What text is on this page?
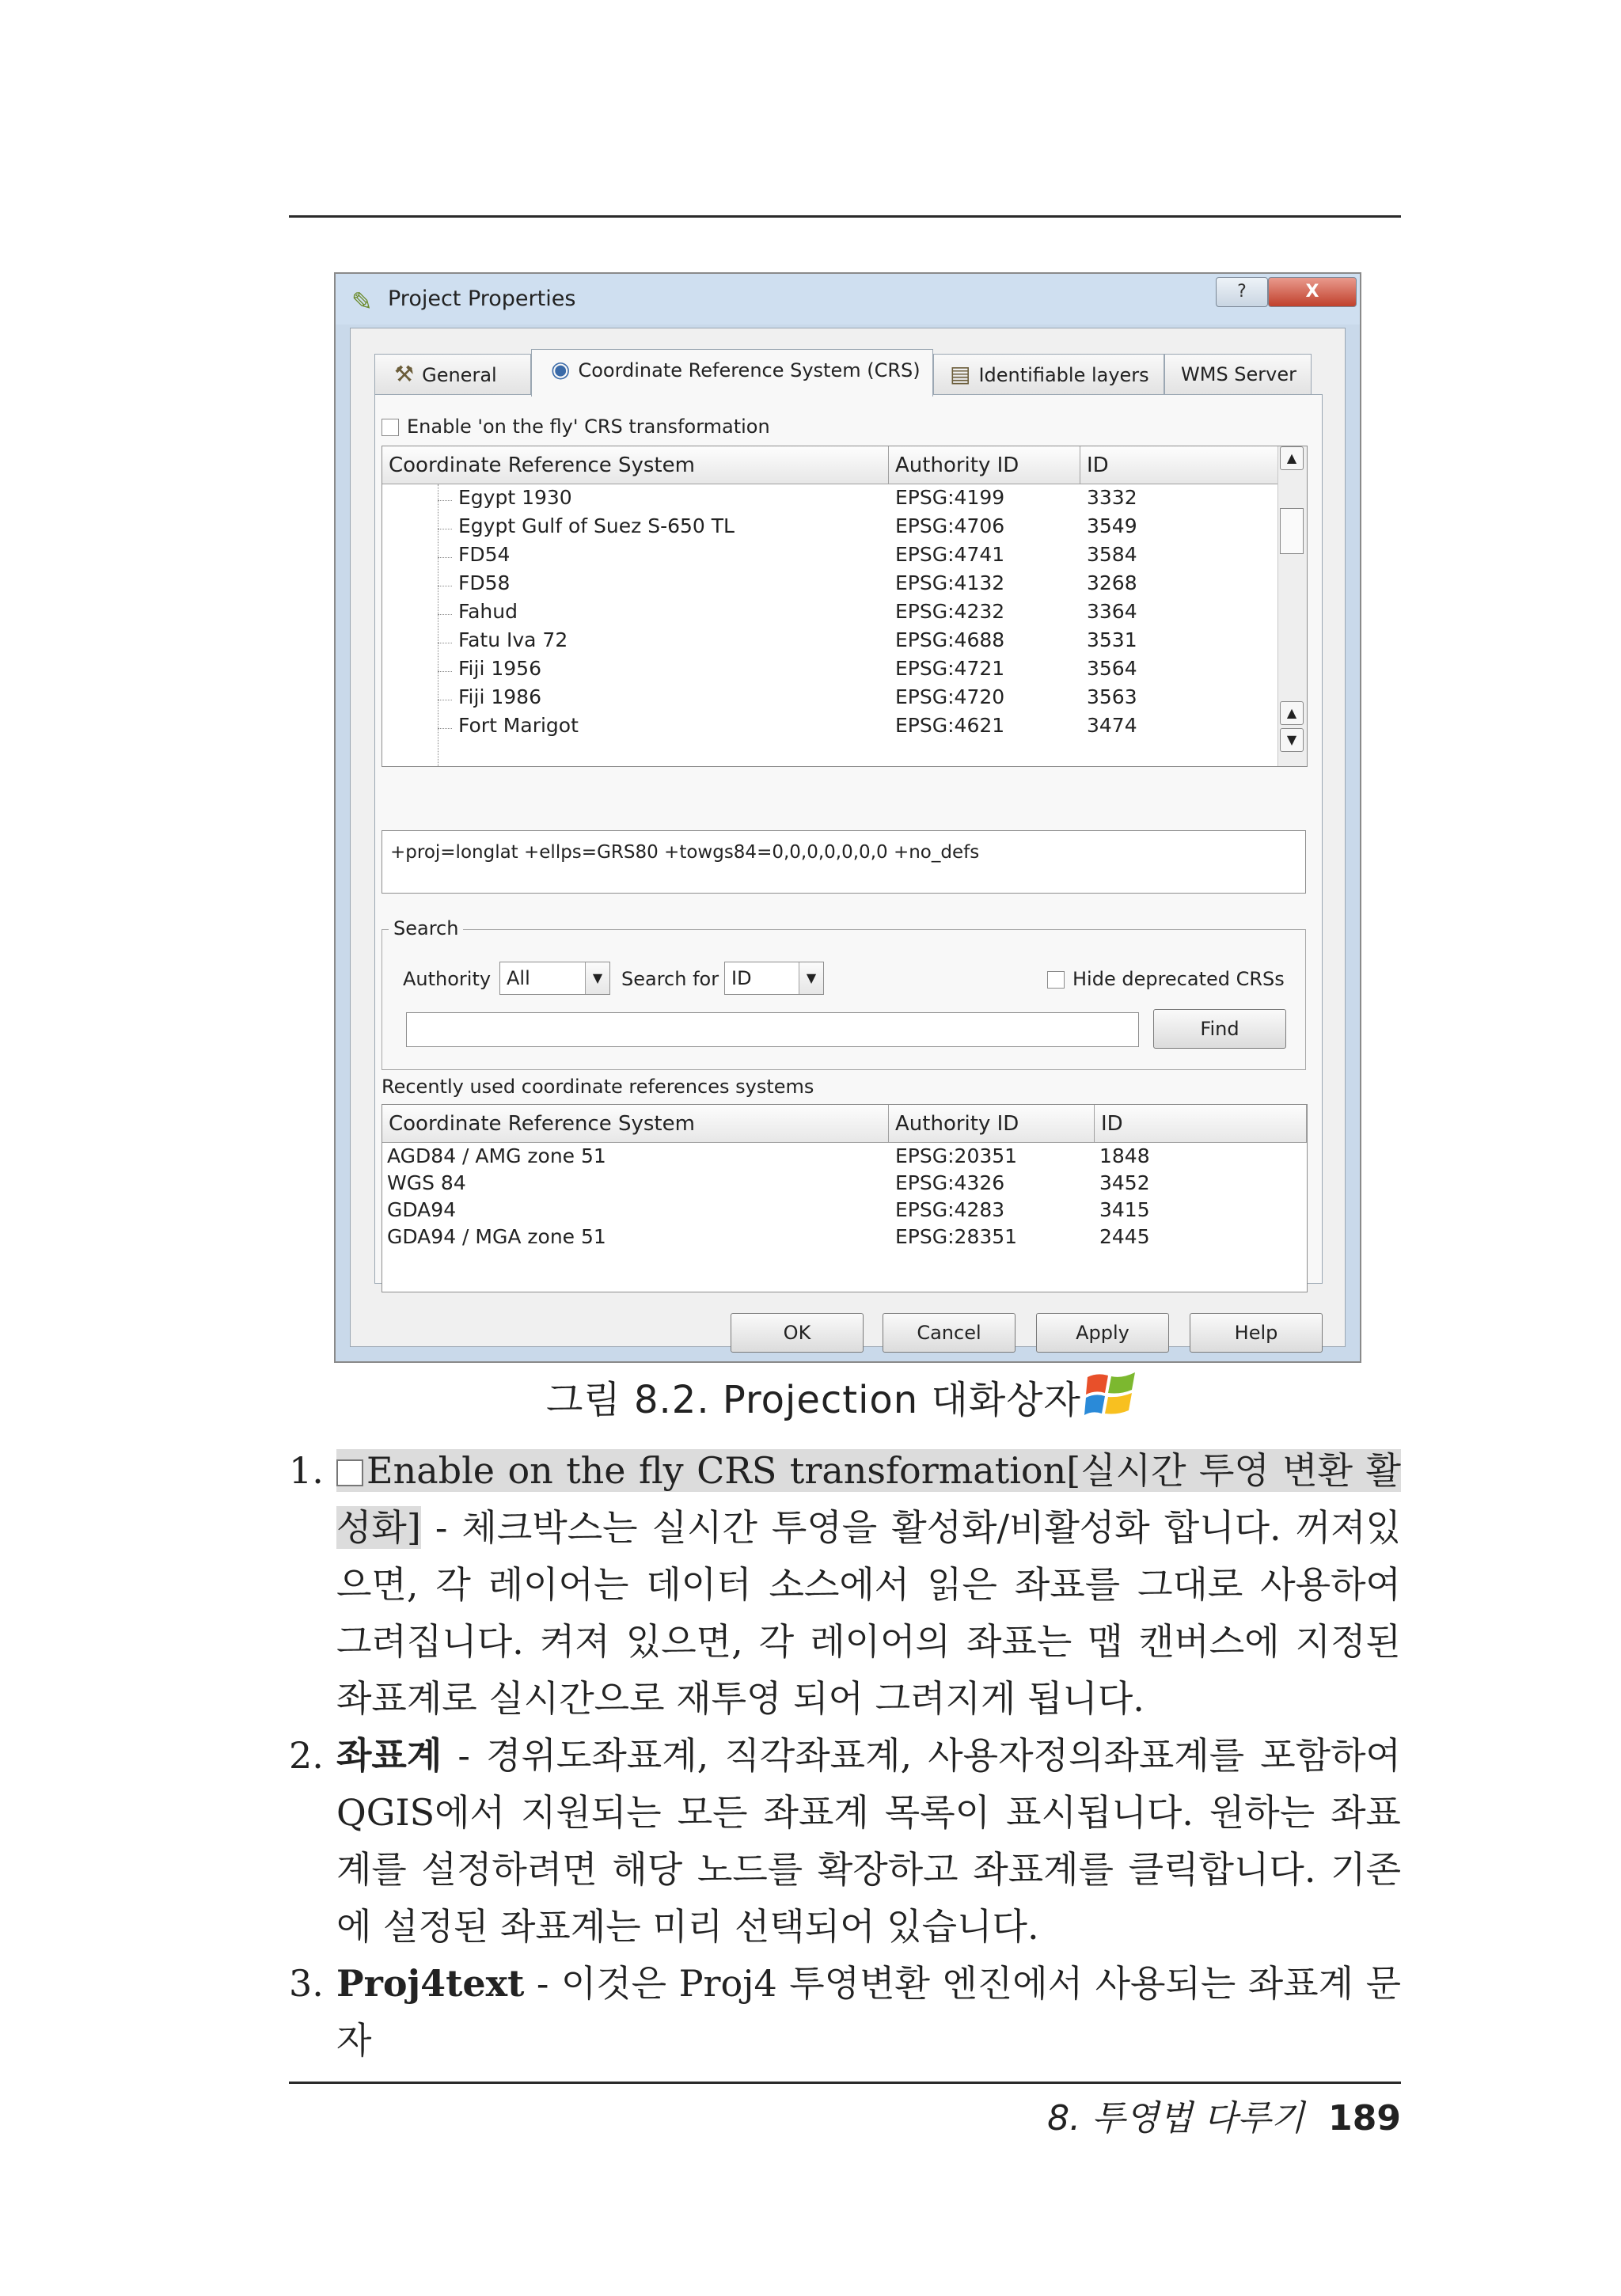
✎ Project Properties	?	X
⚒ General	◉ Coordinate Reference System (CRS)	▤ Identifiable layers	WMS Server
Enable 'on the fly' CRS transformation
Coordinate Reference System	Authority ID	ID
Egypt 1930	EPSG:4199	3332
Egypt Gulf of Suez S-650 TL	EPSG:4706	3549
FD54	EPSG:4741	3584
FD58	EPSG:4132	3268
Fahud	EPSG:4232	3364
Fatu Iva 72	EPSG:4688	3531
Fiji 1956	EPSG:4721	3564
Fiji 1986	EPSG:4720	3563
Fort Marigot	EPSG:4621	3474
▲
▲
▼
+proj=longlat +ellps=GRS80 +towgs84=0,0,0,0,0,0,0 +no_defs
Search
Authority All	▼ Search for ID	▼	Hide deprecated CRSs
Find
Recently used coordinate references systems
Coordinate Reference System	Authority ID	ID
AGD84 / AMG zone 51	EPSG:20351	1848
WGS 84	EPSG:4326	3452
GDA94	EPSG:4283	3415
GDA94 / MGA zone 51	EPSG:28351	2445
OK	Cancel	Apply	Help
그림 8.2. Projection 대화상자
1.	Enable on the fly CRS transformation[실시간 투영 변환 활성화] - 체크박스는 실시간 투영을 활성화/비활성화 합니다. 꺼져있으면, 각 레이어는 데이터 소스에서 읽은 좌표를 그대로 사용하여 그려집니다. 켜져 있으면, 각 레이어의 좌표는 맵 캔버스에 지정된 좌표계로 실시간으로 재투영 되어 그려지게 됩니다.
2. 좌표계 - 경위도좌표계, 직각좌표계, 사용자정의좌표계를 포함하여 QGIS에서 지원되는 모든 좌표계 목록이 표시됩니다. 원하는 좌표계를 설정하려면 해당 노드를 확장하고 좌표계를 클릭합니다. 기존에 설정된 좌표계는 미리 선택되어 있습니다.
3. Proj4text - 이것은 Proj4 투영변환 엔진에서 사용되는 좌표계 문자
8. 투영법 다루기 189
